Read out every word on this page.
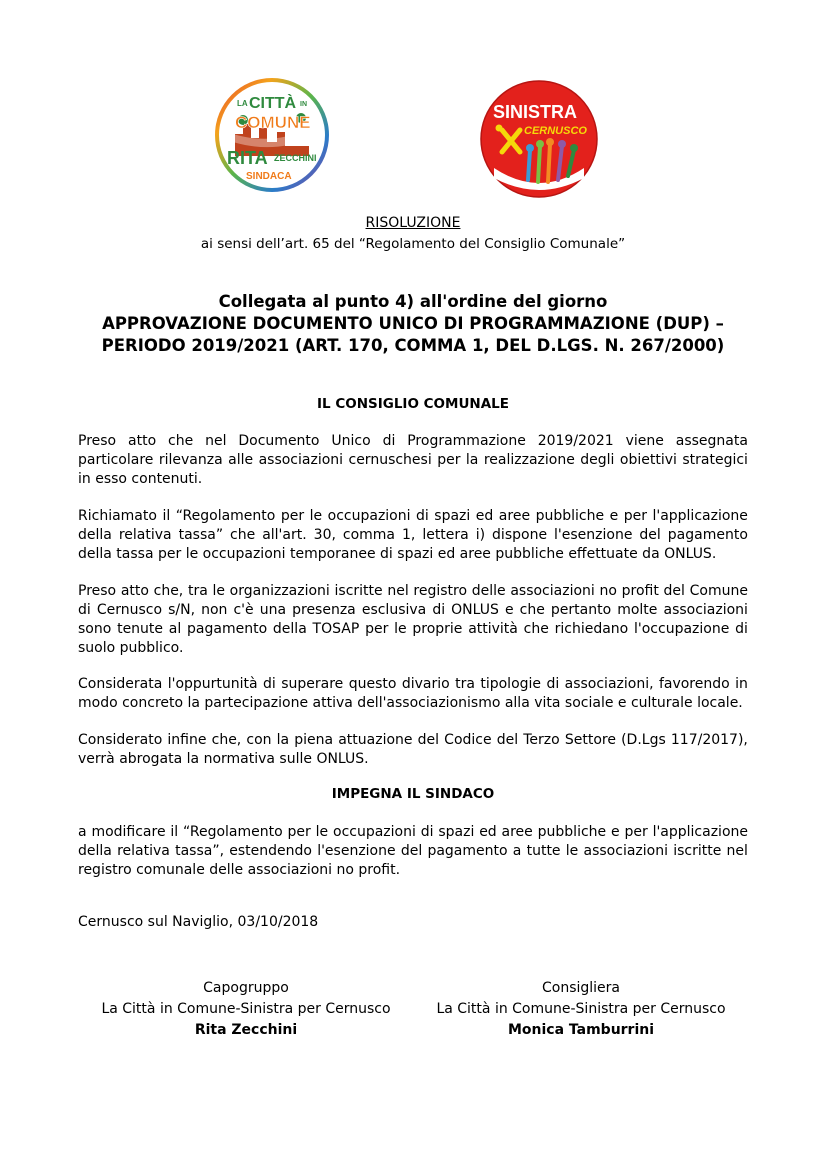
LA CITTÀ IN
COMUNE
RITA ZECCHINI
SINDACA
SINISTRA
CERNUSCO
RISOLUZIONE
ai sensi dell’art. 65 del “Regolamento del Consiglio Comunale”
Collegata al punto 4) all'ordine del giorno
APPROVAZIONE DOCUMENTO UNICO DI PROGRAMMAZIONE (DUP) –
PERIODO 2019/2021 (ART. 170, COMMA 1, DEL D.LGS. N. 267/2000)
IL CONSIGLIO COMUNALE
Preso atto che nel Documento Unico di Programmazione 2019/2021 viene assegnata
particolare rilevanza alle associazioni cernuschesi per la realizzazione degli obiettivi strategici
in esso contenuti.
Richiamato il “Regolamento per le occupazioni di spazi ed aree pubbliche e per l'applicazione
della relativa tassa” che all'art. 30, comma 1, lettera i) dispone l'esenzione del pagamento
della tassa per le occupazioni temporanee di spazi ed aree pubbliche effettuate da ONLUS.
Preso atto che, tra le organizzazioni iscritte nel registro delle associazioni no profit del Comune
di Cernusco s/N, non c'è una presenza esclusiva di ONLUS e che pertanto molte associazioni
sono tenute al pagamento della TOSAP per le proprie attività che richiedano l'occupazione di
suolo pubblico.
Considerata l'oppurtunità di superare questo divario tra tipologie di associazioni, favorendo in
modo concreto la partecipazione attiva dell'associazionismo alla vita sociale e culturale locale.
Considerato infine che, con la piena attuazione del Codice del Terzo Settore (D.Lgs 117/2017),
verrà abrogata la normativa sulle ONLUS.
IMPEGNA IL SINDACO
a modificare il “Regolamento per le occupazioni di spazi ed aree pubbliche e per l'applicazione
della relativa tassa”, estendendo l'esenzione del pagamento a tutte le associazioni iscritte nel
registro comunale delle associazioni no profit.
Cernusco sul Naviglio, 03/10/2018
Capogruppo
La Città in Comune-Sinistra per Cernusco
Rita Zecchini
Consigliera
La Città in Comune-Sinistra per Cernusco
Monica Tamburrini
